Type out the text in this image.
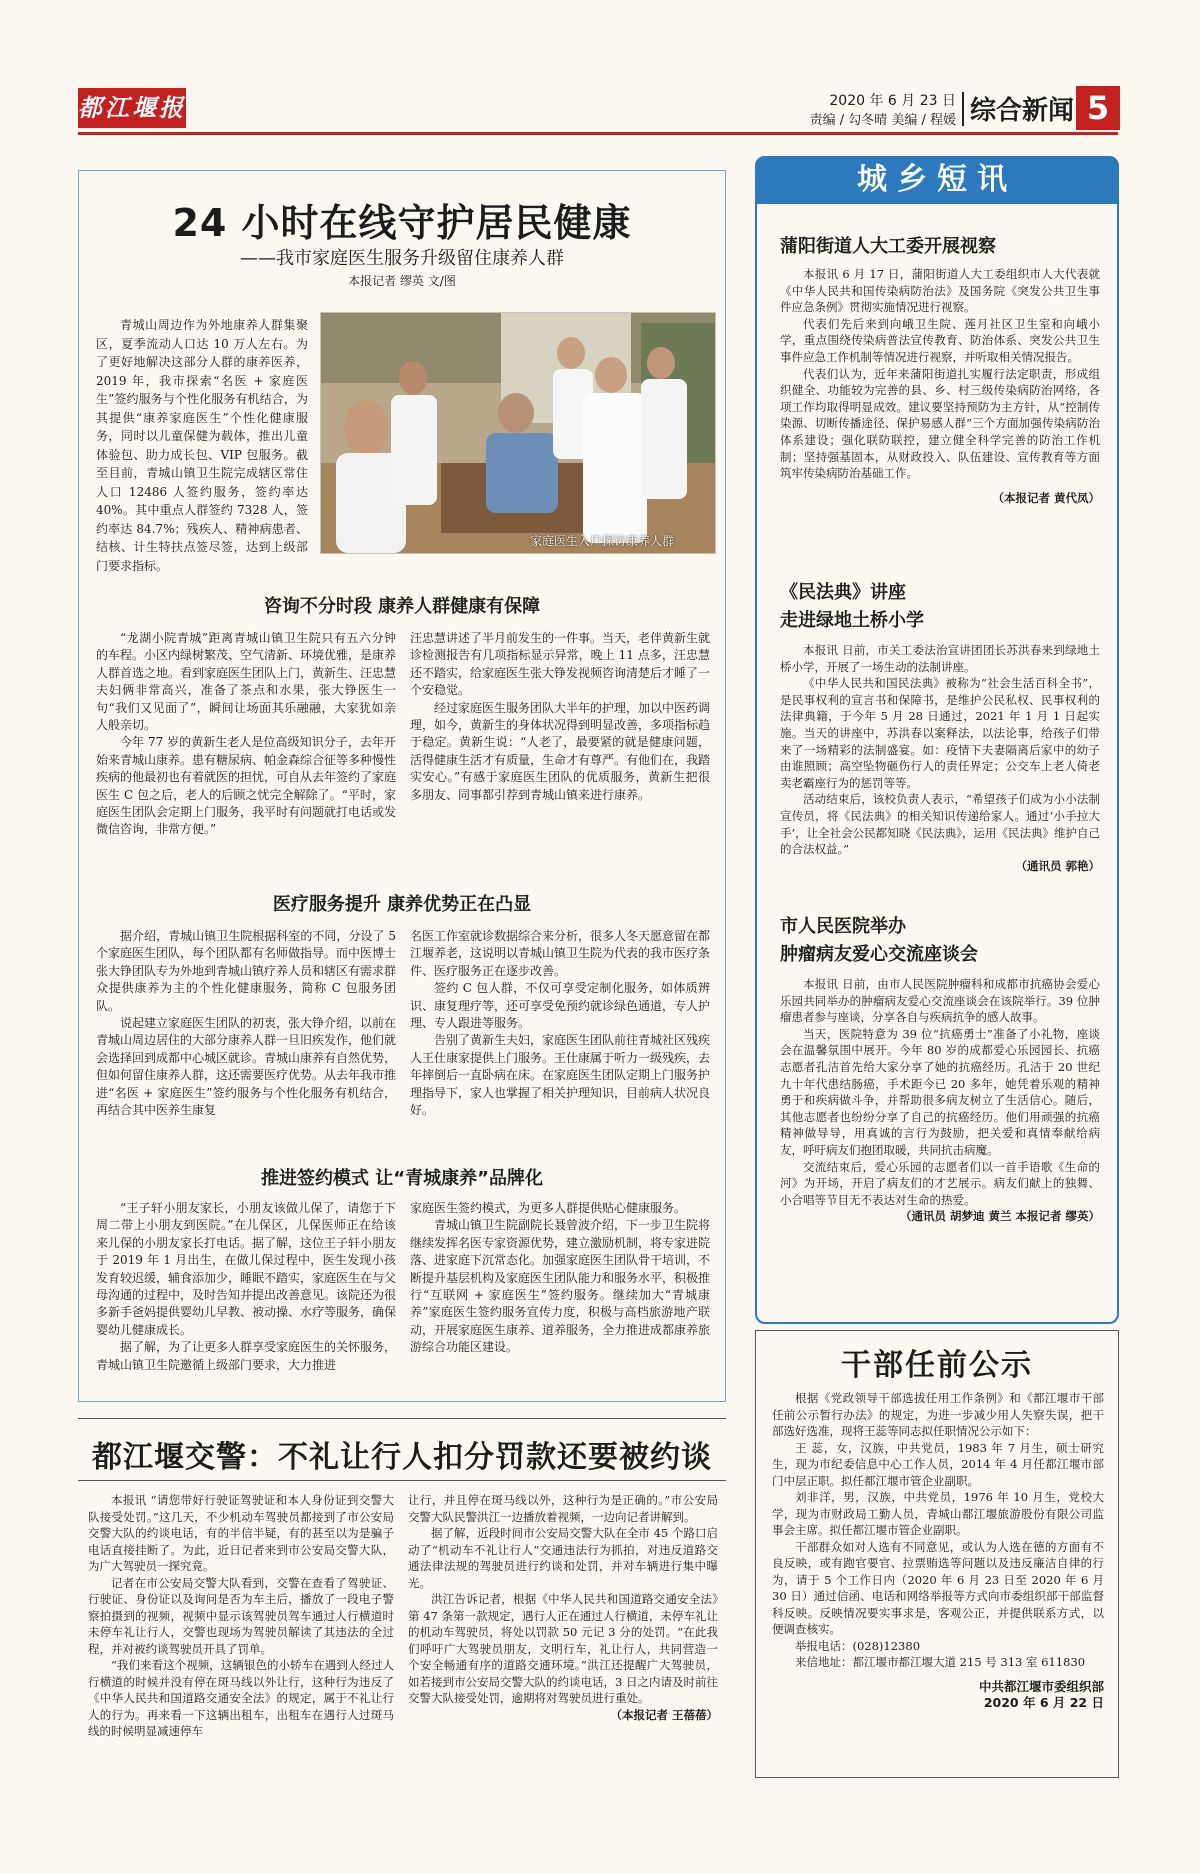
都江堰报	2020 年 6 月 23 日
责编 / 勾冬晴 美编 / 程媛 综合新闻 5
24 小时在线守护居民健康
——我市家庭医生服务升级留住康养人群
本报记者 缪英 文/图

青城山周边作为外地康养人群集聚区，夏季流动人口达 10 万人左右。为了更好地解决这部分人群的康养医养，2019 年，我市探索“名医 + 家庭医生”签约服务与个性化服务有机结合，为其提供“康养家庭医生”个性化健康服务，同时以儿童保健为载体，推出儿童体验包、助力成长包、VIP 包服务。截至目前，青城山镇卫生院完成辖区常住人口 12486 人签约服务，签约率达 40%。其中重点人群签约 7328 人，签约率达 84.7%；残疾人、精神病患者、结核、计生特扶点签尽签，达到上级部门要求指标。

家庭医生入户探访康养人群
咨询不分时段 康养人群健康有保障

“龙湖小院青城”距离青城山镇卫生院只有五六分钟的车程。小区内绿树繁茂、空气清新、环境优雅，是康养人群首选之地。看到家庭医生团队上门，黄新生、汪忠慧夫妇俩非常高兴，准备了茶点和水果，张大铮医生一句“我们又见面了”，瞬间让场面其乐融融，大家犹如亲人般亲切。

今年 77 岁的黄新生老人是位高级知识分子，去年开始来青城山康养。患有糖尿病、帕金森综合征等多种慢性疾病的他最初也有着就医的担忧，可自从去年签约了家庭医生 C 包之后，老人的后顾之忧完全解除了。“平时，家庭医生团队会定期上门服务，我平时有问题就打电话或发微信咨询，非常方便。”

汪忠慧讲述了半月前发生的一件事。当天，老伴黄新生就诊检测报告有几项指标显示异常，晚上 11 点多，汪忠慧还不踏实，给家庭医生张大铮发视频咨询清楚后才睡了一个安稳觉。

经过家庭医生服务团队大半年的护理，加以中医药调理，如今，黄新生的身体状况得到明显改善，多项指标趋于稳定。黄新生说：“人老了，最要紧的就是健康问题，活得健康生活才有质量，生命才有尊严。有他们在，我踏实安心。”有感于家庭医生团队的优质服务，黄新生把很多朋友、同事都引荐到青城山镇来进行康养。

医疗服务提升 康养优势正在凸显

据介绍，青城山镇卫生院根据科室的不同，分设了 5 个家庭医生团队，每个团队都有名师做指导。而中医博士张大铮团队专为外地到青城山镇疗养人员和辖区有需求群众提供康养为主的个性化健康服务，简称 C 包服务团队。

说起建立家庭医生团队的初衷，张大铮介绍，以前在青城山周边居住的大部分康养人群一旦旧疾发作，他们就会选择回到成都中心城区就诊。青城山康养有自然优势，但如何留住康养人群，这还需要医疗优势。从去年我市推进“名医 + 家庭医生”签约服务与个性化服务有机结合，再结合其中医养生康复

名医工作室就诊数据综合来分析，很多人冬天愿意留在都江堰养老，这说明以青城山镇卫生院为代表的我市医疗条件、医疗服务正在逐步改善。

签约 C 包人群，不仅可享受定制化服务，如体质辨识、康复理疗等，还可享受免预约就诊绿色通道，专人护理、专人跟进等服务。

告别了黄新生夫妇，家庭医生团队前往青城社区残疾人王仕康家提供上门服务。王仕康属于听力一级残疾，去年摔倒后一直卧病在床。在家庭医生团队定期上门服务护理指导下，家人也掌握了相关护理知识，目前病人状况良好。

推进签约模式 让“青城康养”品牌化

“王子轩小朋友家长，小朋友该做儿保了，请您于下周二带上小朋友到医院。”在儿保区，儿保医师正在给该来儿保的小朋友家长打电话。据了解，这位王子轩小朋友于 2019 年 1 月出生，在做儿保过程中，医生发现小孩发育较迟缓，辅食添加少，睡眠不踏实，家庭医生在与父母沟通的过程中，及时告知并提出改善意见。该院还为很多新手爸妈提供婴幼儿早教、被动操、水疗等服务，确保婴幼儿健康成长。

据了解，为了让更多人群享受家庭医生的关怀服务，青城山镇卫生院邀循上级部门要求，大力推进

家庭医生签约模式，为更多人群提供贴心健康服务。

青城山镇卫生院副院长聂曾波介绍，下一步卫生院将继续发挥名医专家资源优势，建立激励机制，将专家进院落、进家庭下沉常态化。加强家庭医生团队骨干培训，不断提升基层机构及家庭医生团队能力和服务水平，积极推行“互联网 + 家庭医生”签约服务。继续加大“青城康养”家庭医生签约服务宣传力度，积极与高档旅游地产联动，开展家庭医生康养、道养服务，全力推进成都康养旅游综合功能区建设。

都江堰交警：不礼让行人扣分罚款还要被约谈

本报讯 “请您带好行驶证驾驶证和本人身份证到交警大队接受处罚。”这几天，不少机动车驾驶员都接到了市公安局交警大队的约谈电话，有的半信半疑，有的甚至以为是骗子电话直接挂断了。为此，近日记者来到市公安局交警大队，为广大驾驶员一探究竟。

记者在市公安局交警大队看到，交警在查看了驾驶证、行驶证、身份证以及询问是否为车主后，播放了一段电子警察拍摄到的视频，视频中显示该驾驶员驾车通过人行横道时未停车礼让行人，交警也现场为驾驶员解读了其违法的全过程，并对被约谈驾驶员开具了罚单。

“我们来看这个视频，这辆银色的小轿车在遇到人经过人行横道的时候并没有停在斑马线以外让行，这种行为违反了《中华人民共和国道路交通安全法》的规定，属于不礼让行人的行为。再来看一下这辆出租车，出租车在遇行人过斑马线的时候明显减速停车

让行，并且停在斑马线以外，这种行为是正确的。”市公安局交警大队民警洪江一边播放着视频，一边向记者讲解到。

据了解，近段时间市公安局交警大队在全市 45 个路口启动了“机动车不礼让行人”交通违法行为抓拍，对违反道路交通法律法规的驾驶员进行约谈和处罚，并对车辆进行集中曝光。

洪江告诉记者，根据《中华人民共和国道路交通安全法》第 47 条第一款规定，遇行人正在通过人行横道，未停车礼让的机动车驾驶员，将处以罚款 50 元记 3 分的处罚。“在此我们呼吁广大驾驶员朋友，文明行车，礼让行人，共同营造一个安全畅通有序的道路交通环境。”洪江还提醒广大驾驶员，如若接到市公安局交警大队的约谈电话，3 日之内请及时前往交警大队接受处罚，逾期将对驾驶员进行重处。

（本报记者 王蓓蓓）
城乡短讯
蒲阳街道人大工委开展视察

本报讯 6 月 17 日，蒲阳街道人大工委组织市人大代表就《中华人民共和国传染病防治法》及国务院《突发公共卫生事件应急条例》贯彻实施情况进行视察。

代表们先后来到向峨卫生院、莲月社区卫生室和向峨小学，重点围绕传染病普法宣传教育、防治体系、突发公共卫生事件应急工作机制等情况进行视察，并听取相关情况报告。

代表们认为，近年来蒲阳街道扎实履行法定职责，形成组织健全、功能较为完善的县、乡、村三级传染病防治网络，各项工作均取得明显成效。建议要坚持预防为主方针，从“控制传染源、切断传播途径、保护易感人群”三个方面加强传染病防治体系建设；强化联防联控，建立健全科学完善的防治工作机制；坚持强基固本，从财政投入、队伍建设、宣传教育等方面筑牢传染病防治基础工作。

（本报记者 黄代凤）
《民法典》讲座
走进绿地土桥小学

本报讯 日前，市关工委法治宣讲团团长苏洪春来到绿地土桥小学，开展了一场生动的法制讲座。

《中华人民共和国民法典》被称为“社会生活百科全书”，是民事权利的宣言书和保障书，是维护公民私权、民事权利的法律典籍，于今年 5 月 28 日通过，2021 年 1 月 1 日起实施。当天的讲座中，苏洪春以案释法，以法论事，给孩子们带来了一场精彩的法制盛宴。如：疫情下夫妻隔离后家中的幼子由谁照顾；高空坠物砸伤行人的责任界定；公交车上老人倚老卖老霸座行为的惩罚等等。

活动结束后，该校负责人表示，“希望孩子们成为小小法制宣传员，将《民法典》的相关知识传递给家人。通过‘小手拉大手’，让全社会公民都知晓《民法典》，运用《民法典》维护自己的合法权益。”

（通讯员 郭艳）
市人民医院举办
肿瘤病友爱心交流座谈会

本报讯 日前，由市人民医院肿瘤科和成都市抗癌协会爱心乐园共同举办的肿瘤病友爱心交流座谈会在该院举行。39 位肿瘤患者参与座谈，分享各自与疾病抗争的感人故事。

当天，医院特意为 39 位“抗癌勇士”准备了小礼物，座谈会在温馨氛围中展开。今年 80 岁的成都爱心乐园园长、抗癌志愿者孔洁首先给大家分享了她的抗癌经历。孔洁于 20 世纪九十年代患结肠癌，手术距今已 20 多年，她凭着乐观的精神勇于和疾病做斗争，并帮助很多病友树立了生活信心。随后，其他志愿者也纷纷分享了自己的抗癌经历。他们用顽强的抗癌精神做导导，用真诚的言行为鼓励，把关爱和真情奉献给病友，呼吁病友们抱团取暖，共同抗击病魔。

交流结束后，爱心乐园的志愿者们以一首手语歌《生命的河》为开场，开启了病友们的才艺展示。病友们献上的独舞、小合唱等节目无不表达对生命的热爱。

（通讯员 胡梦迪 黄兰 本报记者 缪英）
干部任前公示

根据《党政领导干部选拔任用工作条例》和《都江堰市干部任前公示暂行办法》的规定，为进一步减少用人失察失误，把干部选好选准，现将王蕊等同志拟任职情况公示如下：

王 蕊，女，汉族，中共党员，1983 年 7 月生，硕士研究生，现为市纪委信息中心工作人员，2014 年 4 月任都江堰市部门中层正职。拟任都江堰市管企业副职。

刘非洋，男，汉族，中共党员，1976 年 10 月生，党校大学，现为市财政局工勤人员，青城山都江堰旅游股份有限公司监事会主席。拟任都江堰市管企业副职。

干部群众如对人选有不同意见，或认为人选在德的方面有不良反映，或有跑官要官、拉票贿选等问题以及违反廉洁自律的行为，请于 5 个工作日内（2020 年 6 月 23 日至 2020 年 6 月 30 日）通过信函、电话和网络举报等方式向市委组织部干部监督科反映。反映情况要实事求是，客观公正，并提供联系方式，以便调查核实。

举报电话：(028)12380

来信地址：都江堰市都江堰大道 215 号 313 室 611830

中共都江堰市委组织部
2020 年 6 月 22 日
